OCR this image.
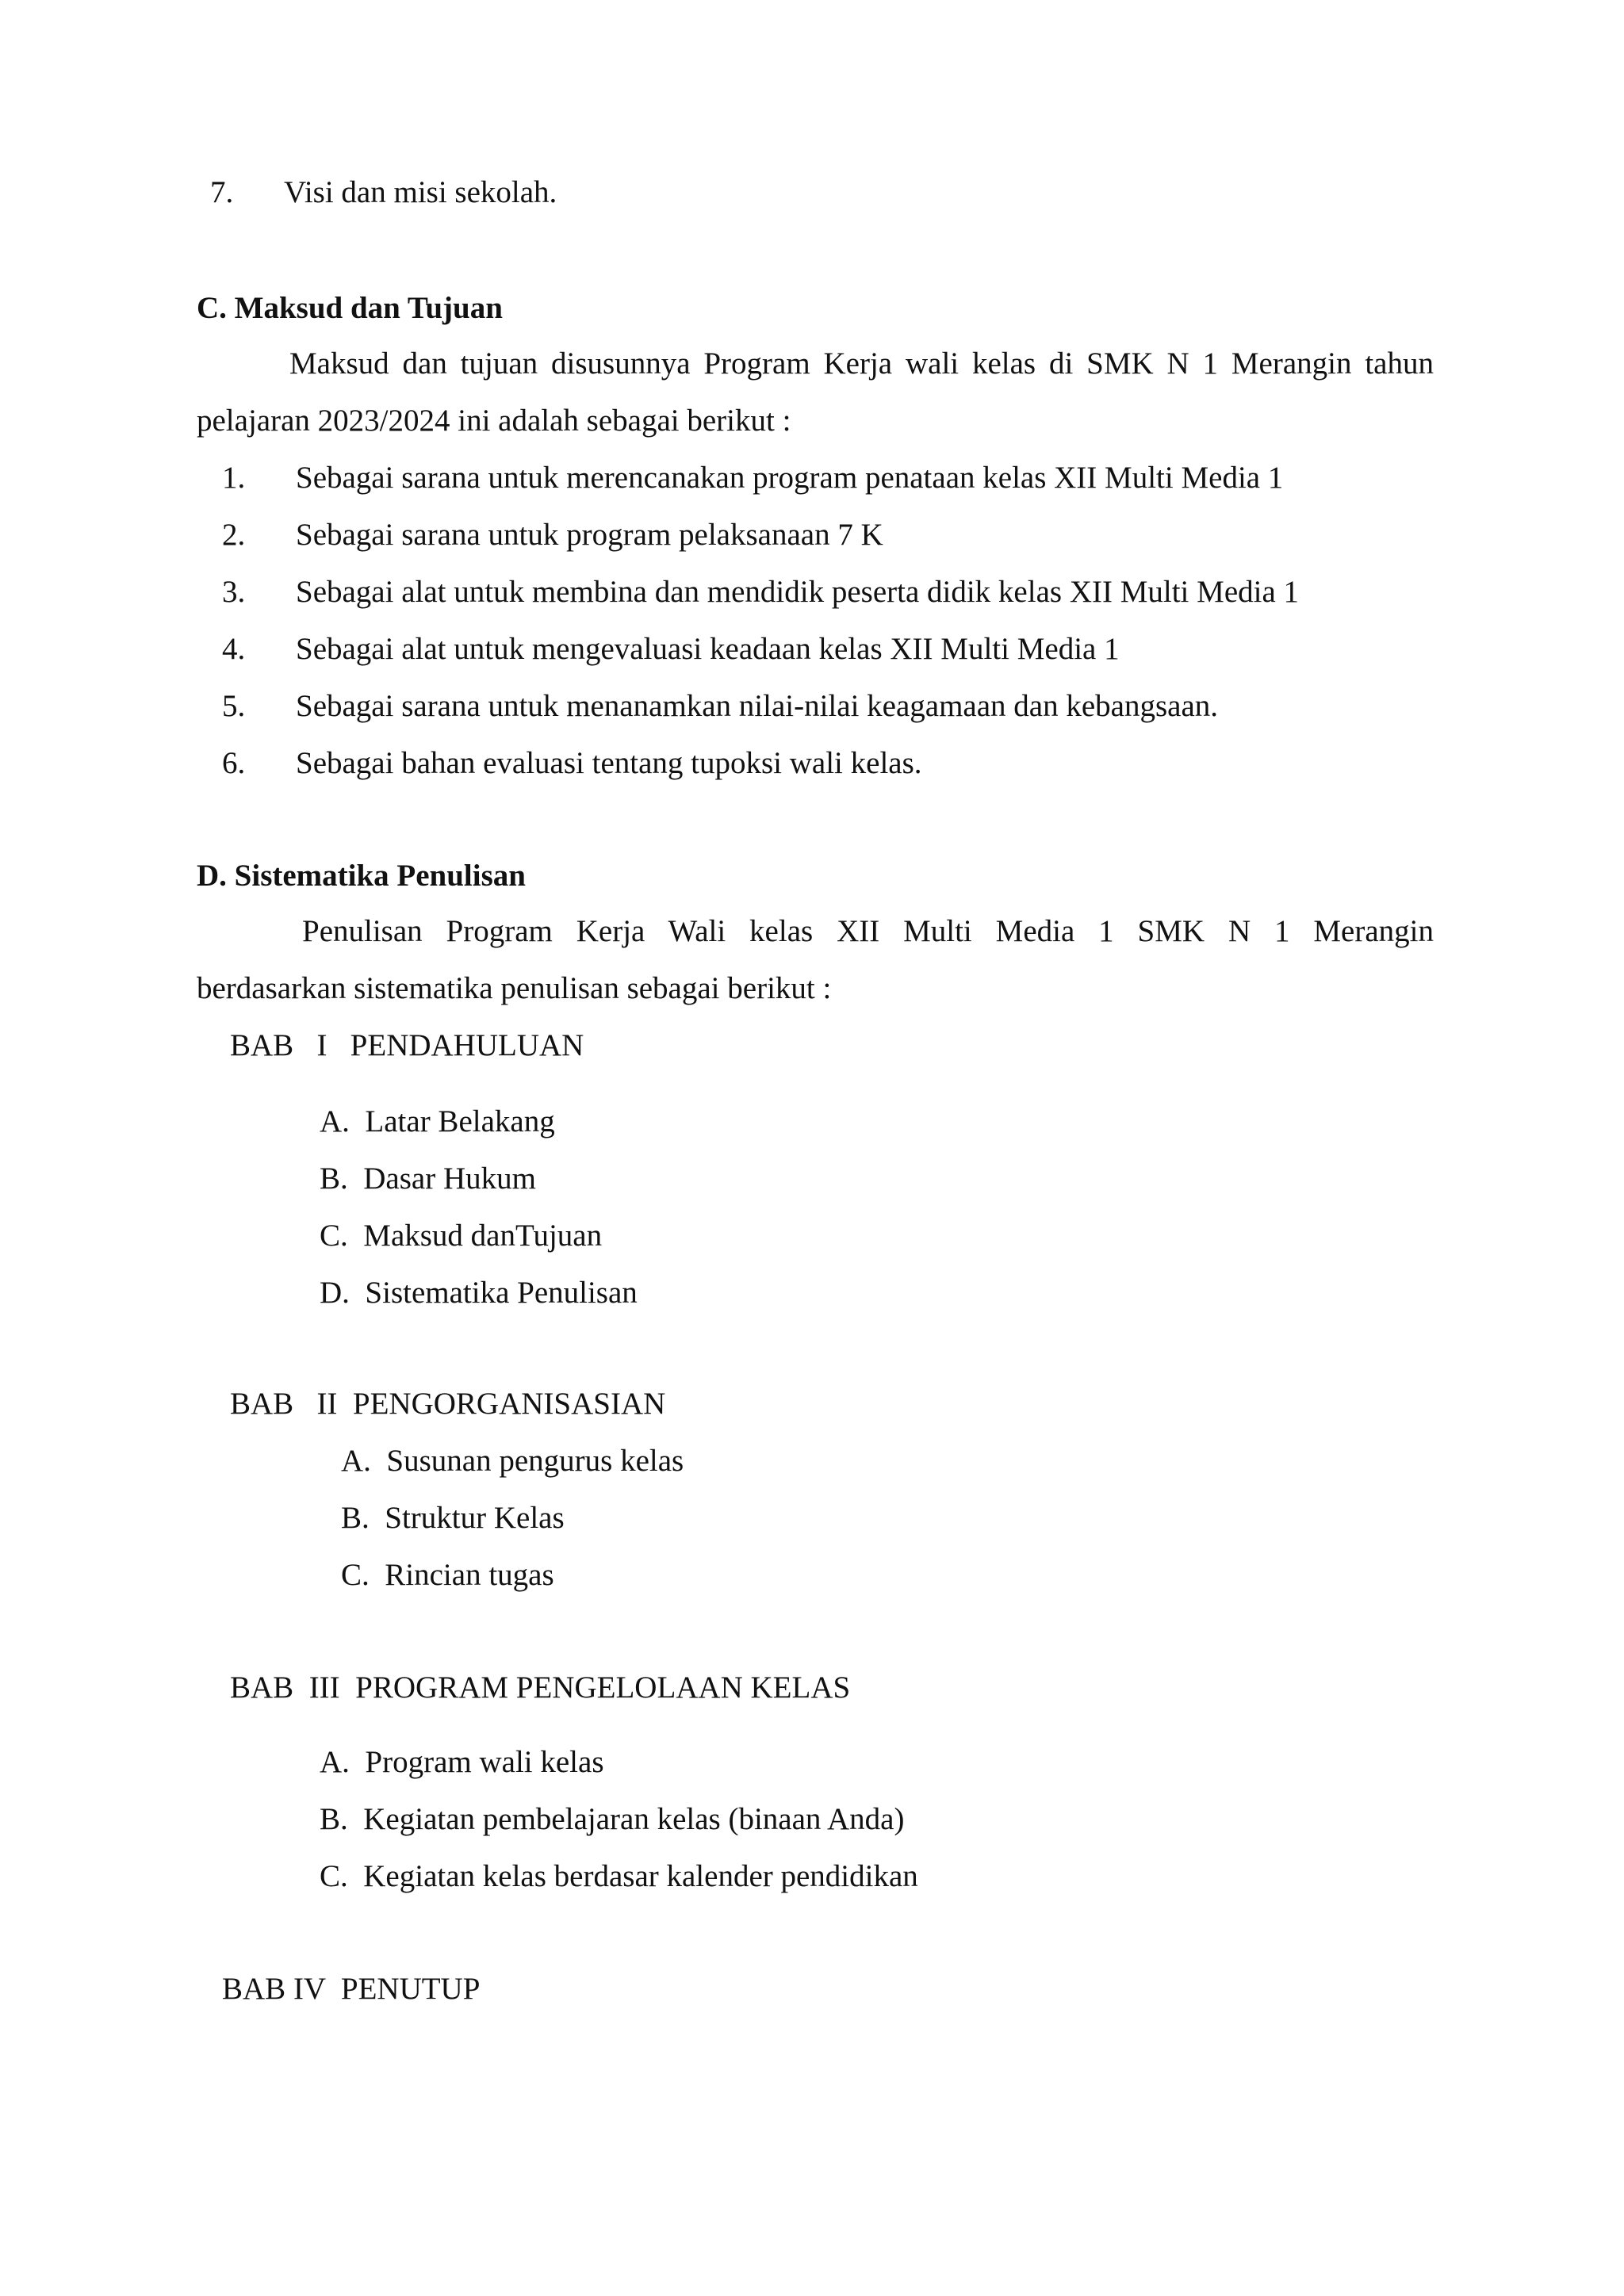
7. Visi dan misi sekolah.
C. Maksud dan Tujuan
Maksud dan tujuan disusunnya Program Kerja wali kelas di SMK N 1 Merangin tahun
pelajaran 2023/2024 ini adalah sebagai berikut :
1. Sebagai sarana untuk merencanakan program penataan kelas XII Multi Media 1
2. Sebagai sarana untuk program pelaksanaan 7 K
3. Sebagai alat untuk membina dan mendidik peserta didik kelas XII Multi Media 1
4. Sebagai alat untuk mengevaluasi keadaan kelas XII Multi Media 1
5. Sebagai sarana untuk menanamkan nilai-nilai keagamaan dan kebangsaan.
6. Sebagai bahan evaluasi tentang tupoksi wali kelas.
D. Sistematika Penulisan
Penulisan Program Kerja Wali kelas XII Multi Media 1 SMK N 1 Merangin
berdasarkan sistematika penulisan sebagai berikut :
BAB   I   PENDAHULUAN
A.  Latar Belakang
B.  Dasar Hukum
C.  Maksud danTujuan
D.  Sistematika Penulisan
BAB   II  PENGORGANISASIAN
A.  Susunan pengurus kelas
B.  Struktur Kelas
C.  Rincian tugas
BAB  III  PROGRAM PENGELOLAAN KELAS
A.  Program wali kelas
B.  Kegiatan pembelajaran kelas (binaan Anda)
C.  Kegiatan kelas berdasar kalender pendidikan
BAB IV  PENUTUP
